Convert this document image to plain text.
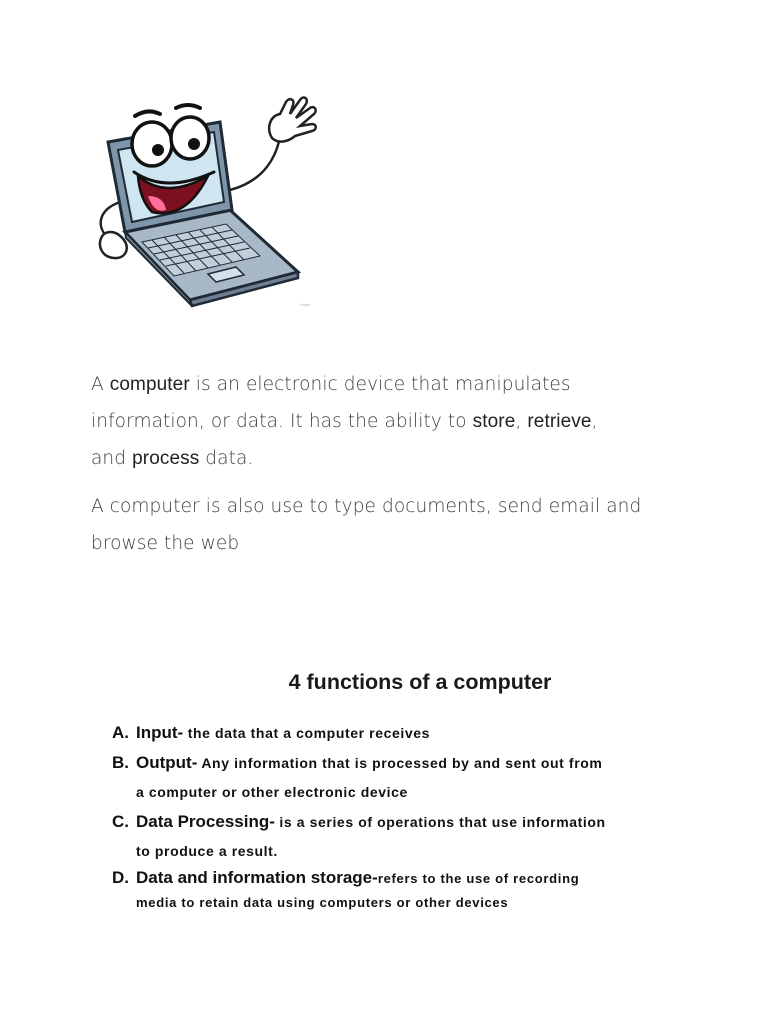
clipart

A computer is an electronic device that manipulates
information, or data. It has the ability to store, retrieve,
and process data.

A computer is also use to type documents, send email and
browse the web

4 functions of a computer
A. Input- the data that a computer receives
B. Output- Any information that is processed by and sent out from
a computer or other electronic device
C. Data Processing- is a series of operations that use information
to produce a result.
D. Data and information storage-refers to the use of recording
media to retain data using computers or other devices
